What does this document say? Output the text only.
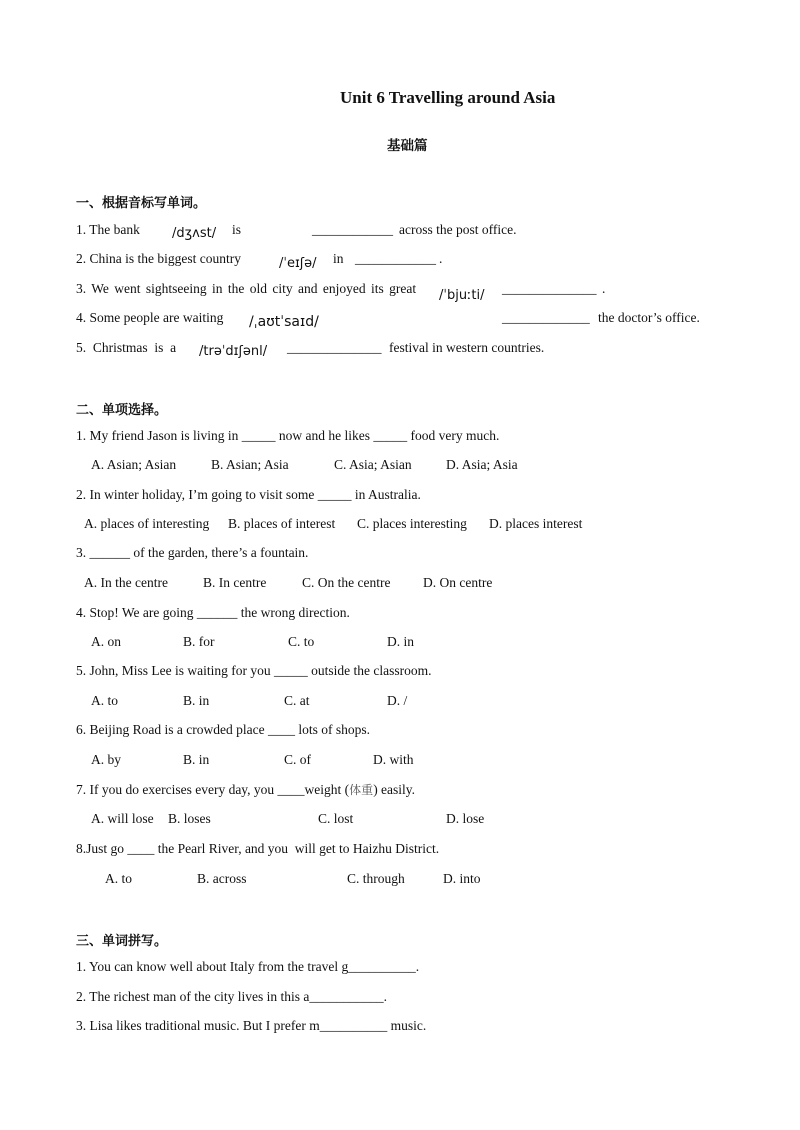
Unit 6 Travelling around Asia
基础篇
一、根据音标写单词。
1. The bank /dʒʌst/ is	____________ across the post office.
2. China is the biggest country	/ˈeɪʃə/ in ____________ .
3. We went sightseeing in the old city and enjoyed its great /ˈbjuːti/ ______________ .
4. Some people are waiting /ˌaʊtˈsaɪd/	_____________ the doctor’s office.
5.  Christmas  is  a /trəˈdɪʃənl/ ______________ festival in western countries.
二、单项选择。
1. My friend Jason is living in _____ now and he likes _____ food very much.
A. Asian; Asian	B. Asian; Asia	C. Asia; Asian	D. Asia; Asia
2. In winter holiday, I’m going to visit some _____ in Australia.
A. places of interesting B. places of interest C. places interesting D. places interest
3. ______ of the garden, there’s a fountain.
A. In the centre	B. In centre	C. On the centre D. On centre
4. Stop! We are going ______ the wrong direction.
A. on	B. for	C. to	D. in
5. John, Miss Lee is waiting for you _____ outside the classroom.
A. to	B. in	C. at	D. /
6. Beijing Road is a crowded place ____ lots of shops.
A. by	B. in	C. of	D. with
7. If you do exercises every day, you ____weight (体重) easily.
A. will lose B. loses	C. lost	D. lose
8.Just go ____ the Pearl River, and you  will get to Haizhu District.
A. to	B. across	C. through	D. into
三、单词拼写。
1. You can know well about Italy from the travel g__________.
2. The richest man of the city lives in this a___________.
3. Lisa likes traditional music. But I prefer m__________ music.
